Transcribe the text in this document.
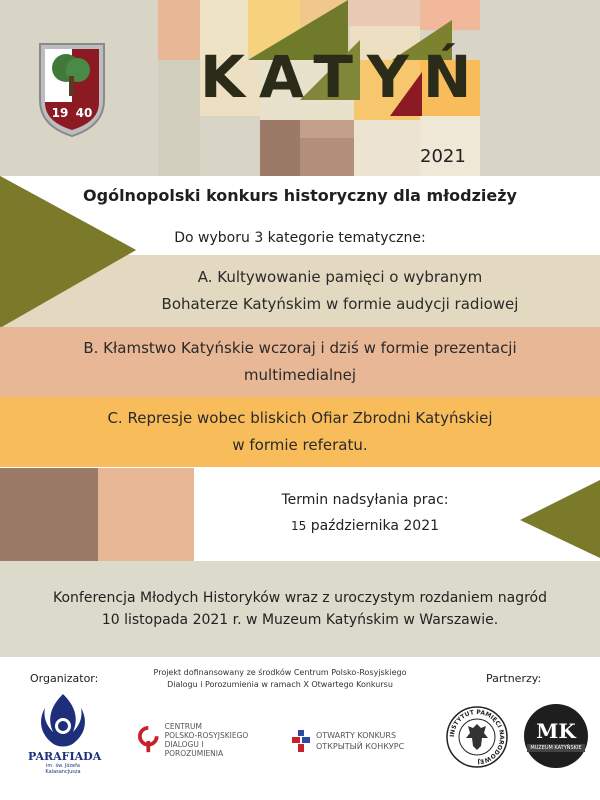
KATYŃ
2021
19 40
Ogólnopolski konkurs historyczny dla młodzieży
Do wyboru 3 kategorie tematyczne:
A. Kultywowanie pamięci o wybranym
Bohaterze Katyńskim w formie audycji radiowej
B. Kłamstwo Katyńskie wczoraj i dziś w formie prezentacji
multimedialnej
C. Represje wobec bliskich Ofiar Zbrodni Katyńskiej
w formie referatu.
Termin nadsyłania prac:
15 października 2021
Konferencja Młodych Historyków wraz z uroczystym rozdaniem nagród
10 listopada 2021 r. w Muzeum Katyńskim w Warszawie.
Organizator:	Projekt dofinansowany ze środków Centrum Polsko-Rosyjskiego
Dialogu i Porozumienia w ramach X Otwartego Konkursu	Partnerzy:
PARAFIADA
im. św. Józefa Kalasancjusza
CENTRUM
POLSKO-ROSYJSKIEGO
DIALOGU I POROZUMIENIA
OTWARTY KONKURS
ОТКРЫТЫЙ КОНКУРС
INSTYTUT PAMIĘCI NARODOWEJ
MK
MUZEUM KATYŃSKIE
